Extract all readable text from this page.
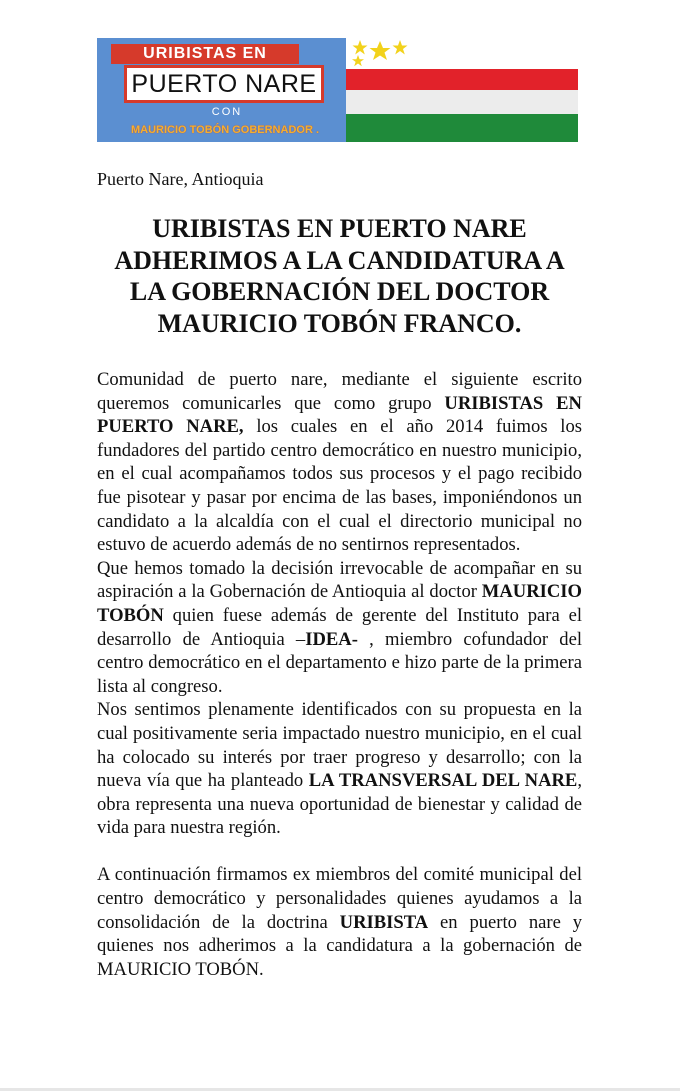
URIBISTAS EN
PUERTO NARE
CON
MAURICIO TOBÓN GOBERNADOR .
Puerto Nare, Antioquia
URIBISTAS EN PUERTO NARE
ADHERIMOS A LA CANDIDATURA A
LA GOBERNACIÓN DEL DOCTOR
MAURICIO TOBÓN FRANCO.

Comunidad de puerto nare, mediante el siguiente escrito queremos comunicarles que como grupo URIBISTAS EN PUERTO NARE, los cuales en el año 2014 fuimos los fundadores del partido centro democrático en nuestro municipio, en el cual acompañamos todos sus procesos y el pago recibido fue pisotear y pasar por encima de las bases, imponiéndonos un candidato a la alcaldía con el cual el directorio municipal no estuvo de acuerdo además de no sentirnos representados.

Que hemos tomado la decisión irrevocable de acompañar en su aspiración a la Gobernación de Antioquia al doctor MAURICIO TOBÓN quien fuese además de gerente del Instituto para el desarrollo de Antioquia –IDEA- , miembro cofundador del centro democrático en el departamento e hizo parte de la primera lista al congreso.

Nos sentimos plenamente identificados con su propuesta en la cual positivamente seria impactado nuestro municipio, en el cual ha colocado su interés por traer progreso y desarrollo; con la nueva vía que ha planteado LA TRANSVERSAL DEL NARE, obra representa una nueva oportunidad de bienestar y calidad de vida para nuestra región.

A continuación firmamos ex miembros del comité municipal del centro democrático y personalidades quienes ayudamos a la consolidación de la doctrina URIBISTA en puerto nare y quienes nos adherimos a la candidatura a la gobernación de MAURICIO TOBÓN.
